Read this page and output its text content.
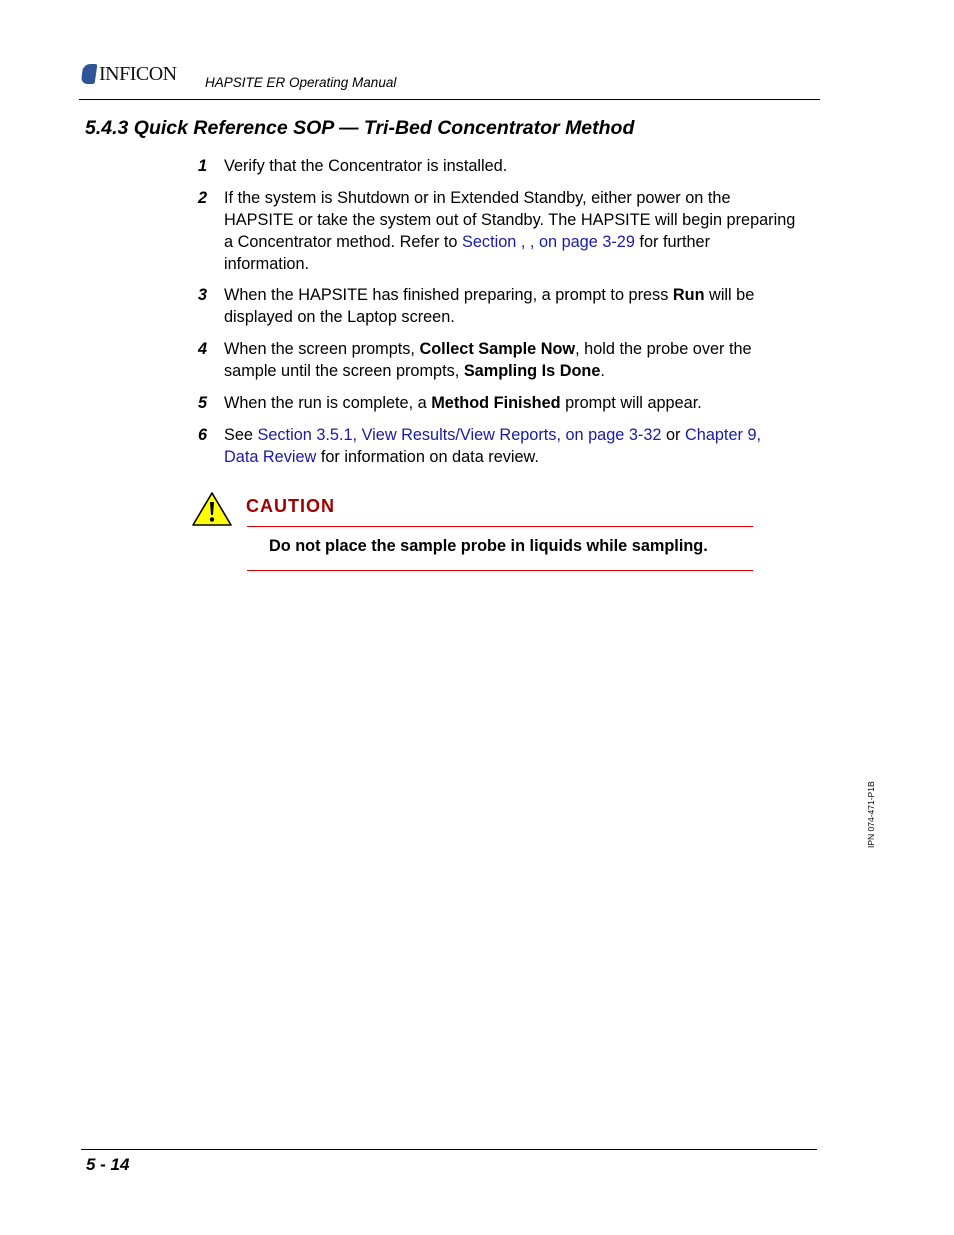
INFICON HAPSITE ER Operating Manual
5.4.3 Quick Reference SOP — Tri-Bed Concentrator Method
1 Verify that the Concentrator is installed.
2 If the system is Shutdown or in Extended Standby, either power on the
HAPSITE or take the system out of Standby. The HAPSITE will begin preparing
a Concentrator method. Refer to Section , , on page 3-29 for further
information.
3 When the HAPSITE has finished preparing, a prompt to press Run will be
displayed on the Laptop screen.
4 When the screen prompts, Collect Sample Now, hold the probe over the
sample until the screen prompts, Sampling Is Done.
5 When the run is complete, a Method Finished prompt will appear.
6 See Section 3.5.1, View Results/View Reports, on page 3-32 or Chapter 9,
Data Review for information on data review.
CAUTION
Do not place the sample probe in liquids while sampling.
IPN 074-471-P1B
5 - 14
